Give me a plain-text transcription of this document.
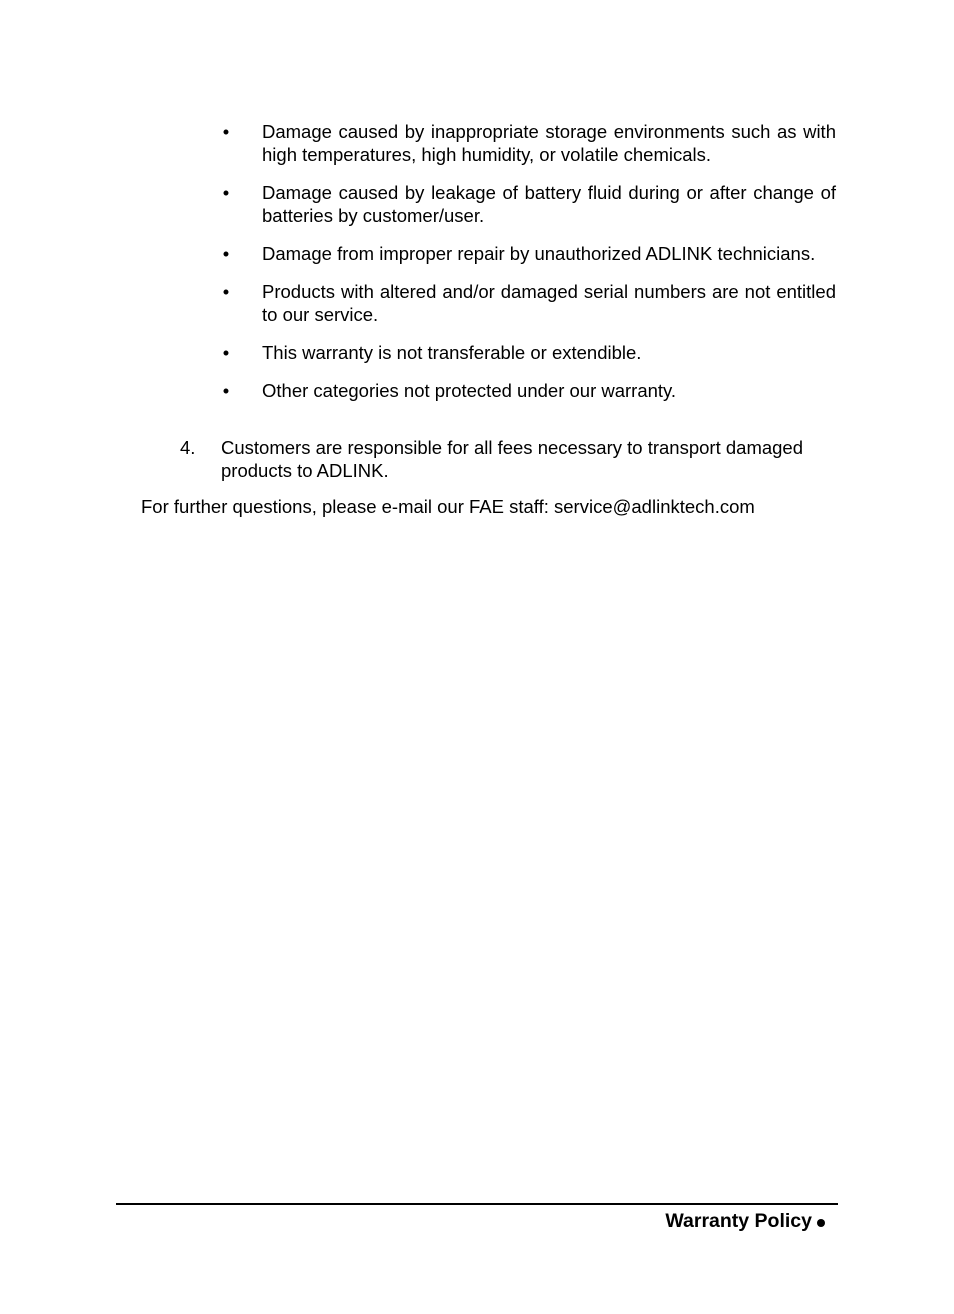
• Damage caused by inappropriate storage environments such as with high temperatures, high humidity, or volatile chemicals.
• Damage caused by leakage of battery fluid during or after change of batteries by customer/user.
• Damage from improper repair by unauthorized ADLINK technicians.
• Products with altered and/or damaged serial numbers are not entitled to our service.
• This warranty is not transferable or extendible.
• Other categories not protected under our warranty.
4. Customers are responsible for all fees necessary to transport damaged products to ADLINK.
For further questions, please e-mail our FAE staff: service@adlinktech.com
Warranty Policy
